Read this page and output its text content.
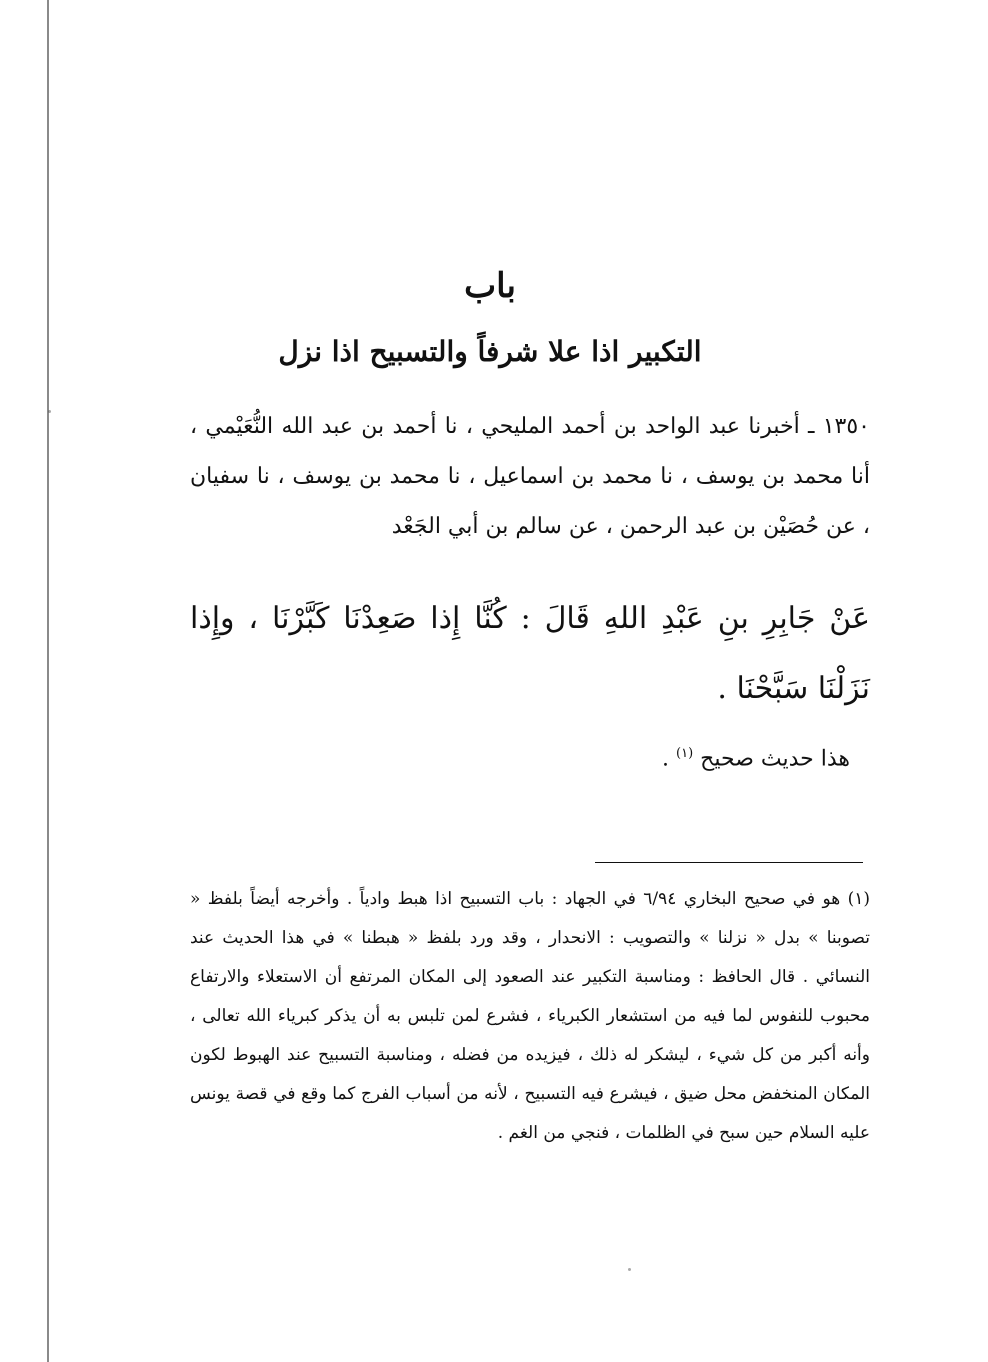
باب
التكبير اذا علا شرفاً والتسبيح اذا نزل

١٣٥٠ ـ أخبرنا عبد الواحد بن أحمد المليحي ، نا أحمد بن عبد الله النُّعَيْمي ، أنا محمد بن يوسف ، نا محمد بن اسماعيل ، نا محمد بن يوسف ، نا سفيان ، عن حُصَيْن بن عبد الرحمن ، عن سالم بن أبي الجَعْد

عَنْ جَابِرِ بنِ عَبْدِ اللهِ قَالَ : كُنَّا إِذا صَعِدْنَا كَبَّرْنَا ، وإِذا نَزَلْنَا سَبَّحْنَا .

هذا حديث صحيح $^{(١)}$ .

(١) هو في صحيح البخاري ٦/٩٤ في الجهاد : باب التسبيح اذا هبط وادياً . وأخرجه أيضاً بلفظ « تصوبنا » بدل « نزلنا » والتصويب : الانحدار ، وقد ورد بلفظ « هبطنا » في هذا الحديث عند النسائي . قال الحافظ : ومناسبة التكبير عند الصعود إلى المكان المرتفع أن الاستعلاء والارتفاع محبوب للنفوس لما فيه من استشعار الكبرياء ، فشرع لمن تلبس به أن يذكر كبرياء الله تعالى ، وأنه أكبر من كل شيء ، ليشكر له ذلك ، فيزيده من فضله ، ومناسبة التسبيح عند الهبوط لكون المكان المنخفض محل ضيق ، فيشرع فيه التسبيح ، لأنه من أسباب الفرج كما وقع في قصة يونس عليه السلام حين سبح في الظلمات ، فنجي من الغم .
